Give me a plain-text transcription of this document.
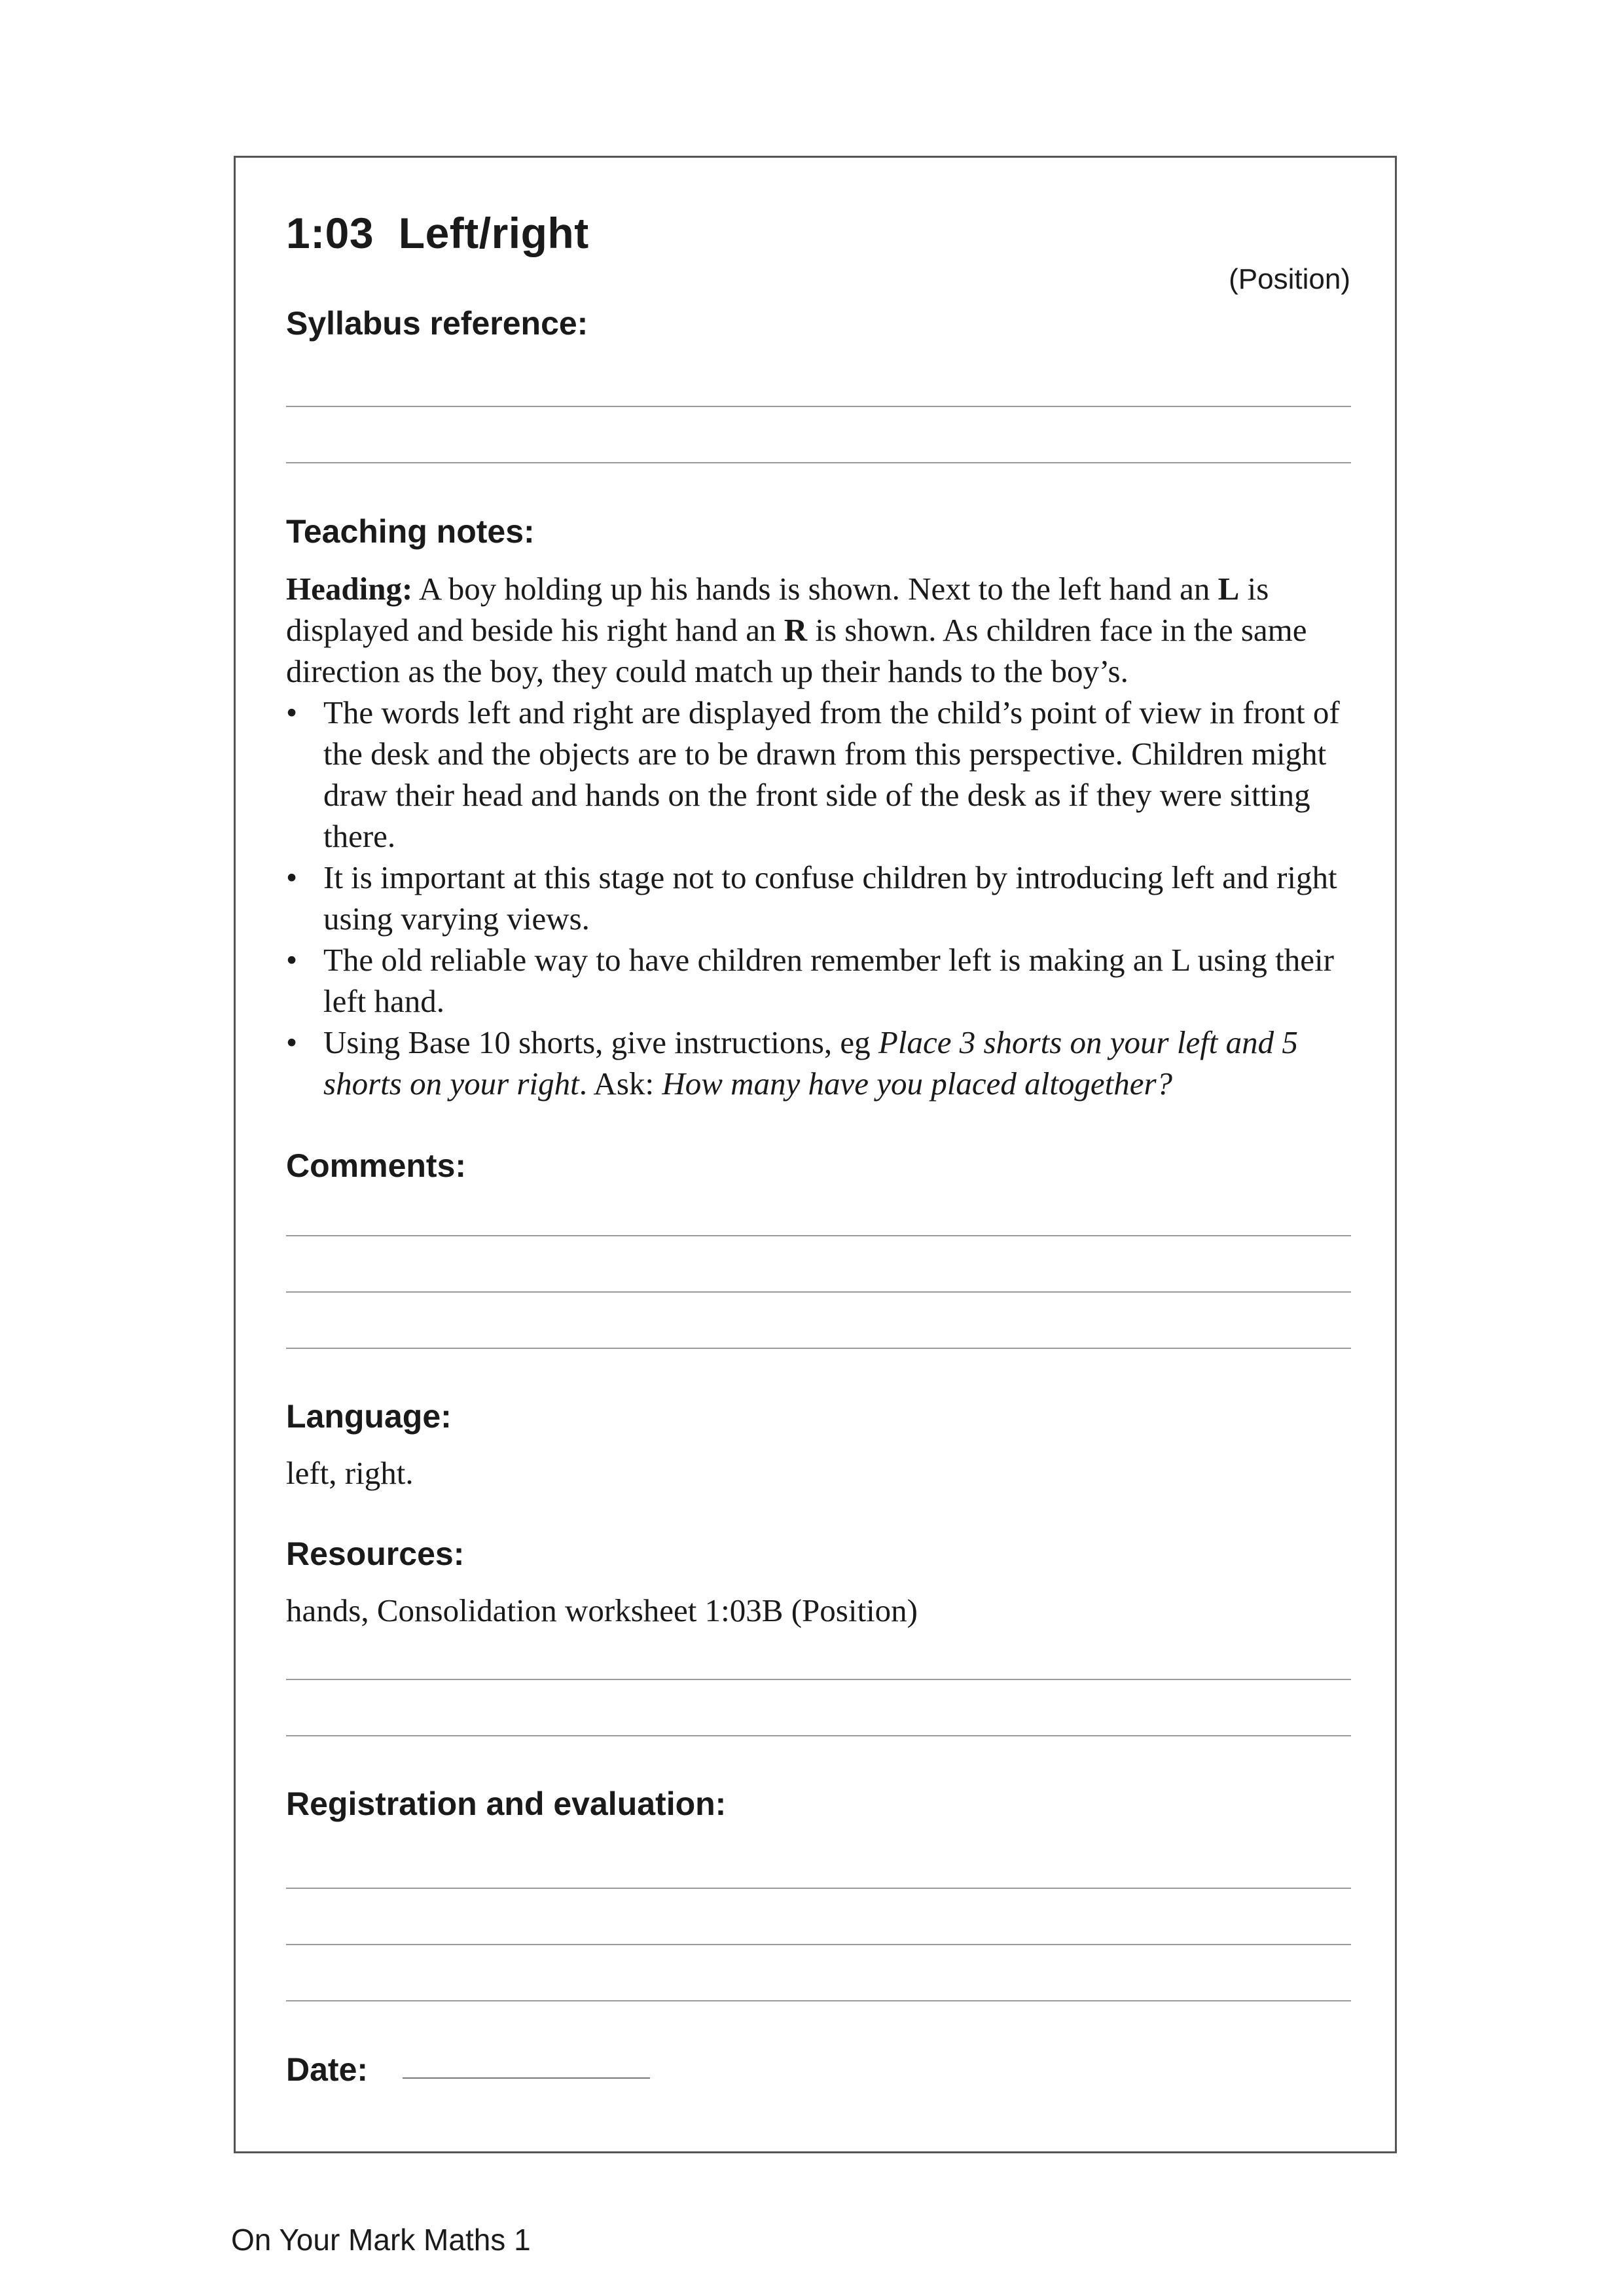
1:03  Left/right
(Position)
Syllabus reference:
Teaching notes:

Heading: A boy holding up his hands is shown. Next to the left hand an L is displayed and beside his right hand an R is shown. As children face in the same direction as the boy, they could match up their hands to the boy’s.

• The words left and right are displayed from the child’s point of view in front of the desk and the objects are to be drawn from this perspective. Children might draw their head and hands on the front side of the desk as if they were sitting there.
• It is important at this stage not to confuse children by introducing left and right using varying views.
• The old reliable way to have children remember left is making an L using their left hand.
• Using Base 10 shorts, give instructions, eg Place 3 shorts on your left and 5 shorts on your right. Ask: How many have you placed altogether?
Comments:
Language:
left, right.
Resources:
hands, Consolidation worksheet 1:03B (Position)
Registration and evaluation:
Date:
On Your Mark Maths 1
